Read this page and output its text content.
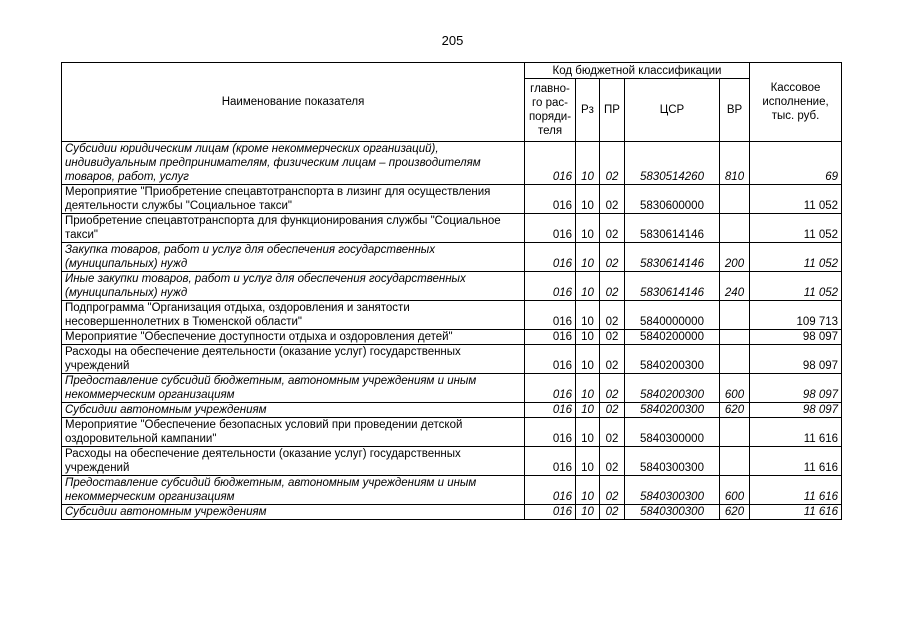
205
Наименование показателя	Код бюджетной классификации					Кассовое исполнение, тыс. руб.
	главно-го рас-поряди-теля	Рз	ПР	ЦСР	ВР	
Субсидии юридическим лицам (кроме некоммерческих организаций), индивидуальным предпринимателям, физическим лицам – производителям товаров, работ, услуг	016	10	02	5830514260	810	69
Мероприятие "Приобретение спецавтотранспорта в лизинг для осуществления деятельности службы "Социальное такси"	016	10	02	5830600000		11 052
Приобретение спецавтотранспорта для функционирования службы "Социальное такси"	016	10	02	5830614146		11 052
Закупка товаров, работ и услуг для обеспечения государственных (муниципальных) нужд	016	10	02	5830614146	200	11 052
Иные закупки товаров, работ и услуг для обеспечения государственных (муниципальных) нужд	016	10	02	5830614146	240	11 052
Подпрограмма "Организация отдыха, оздоровления и занятости несовершеннолетних в Тюменской области"	016	10	02	5840000000		109 713
Мероприятие "Обеспечение доступности отдыха и оздоровления детей"	016	10	02	5840200000		98 097
Расходы на обеспечение деятельности (оказание услуг) государственных учреждений	016	10	02	5840200300		98 097
Предоставление субсидий бюджетным, автономным учреждениям и иным некоммерческим организациям	016	10	02	5840200300	600	98 097
Субсидии автономным учреждениям	016	10	02	5840200300	620	98 097
Мероприятие "Обеспечение безопасных условий при проведении детской оздоровительной кампании"	016	10	02	5840300000		11 616
Расходы на обеспечение деятельности (оказание услуг) государственных учреждений	016	10	02	5840300300		11 616
Предоставление субсидий бюджетным, автономным учреждениям и иным некоммерческим организациям	016	10	02	5840300300	600	11 616
Субсидии автономным учреждениям	016	10	02	5840300300	620	11 616
